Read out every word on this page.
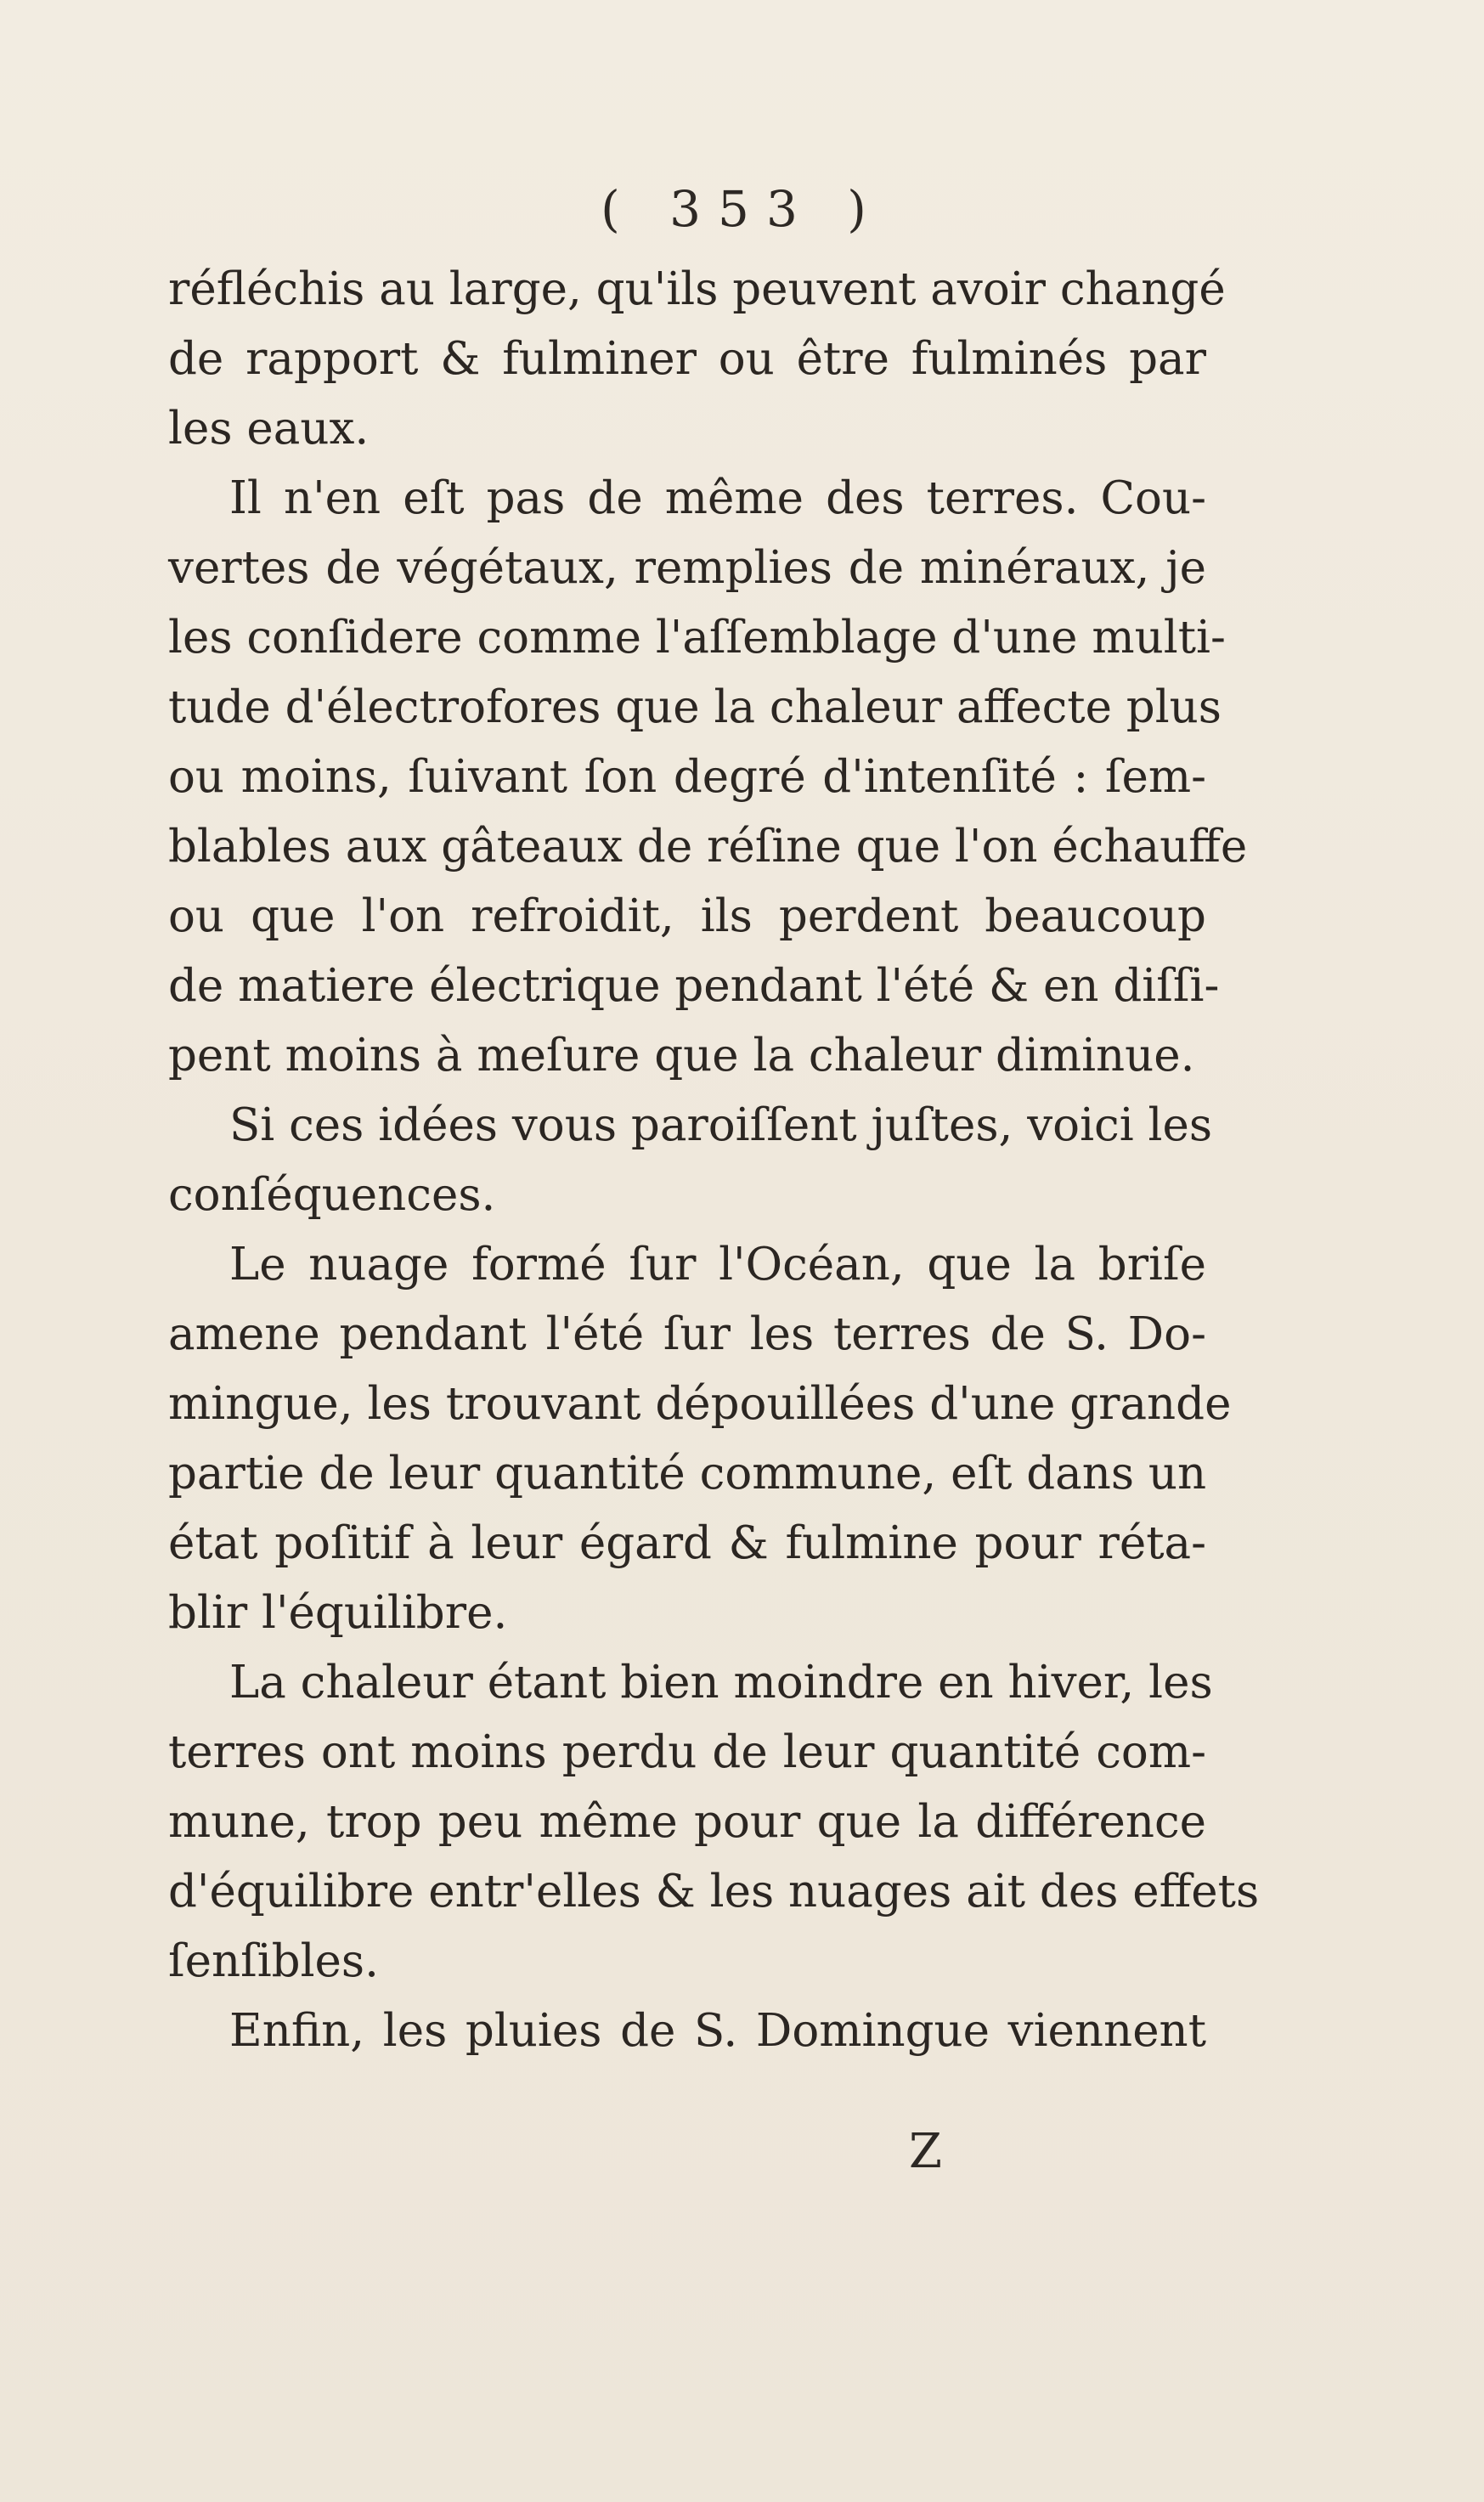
( 353 )
réfléchis au large, qu'ils peuvent avoir changé
de rapport & fulminer ou être fulminés par
les eaux.
Il n'en eſt pas de même des terres. Cou-
vertes de végétaux, remplies de minéraux, je
les conſidere comme l'aſſemblage d'une multi-
tude d'électrofores que la chaleur affecte plus
ou moins, ſuivant ſon degré d'intenſité : ſem-
blables aux gâteaux de réſine que l'on échauffe
ou que l'on refroidit, ils perdent beaucoup
de matiere électrique pendant l'été & en diſſi-
pent moins à meſure que la chaleur diminue.
Si ces idées vous paroiſſent juſtes, voici les
conſéquences.
Le nuage formé ſur l'Océan, que la briſe
amene pendant l'été ſur les terres de S. Do-
mingue, les trouvant dépouillées d'une grande
partie de leur quantité commune, eſt dans un
état poſitif à leur égard & fulmine pour réta-
blir l'équilibre.
La chaleur étant bien moindre en hiver, les
terres ont moins perdu de leur quantité com-
mune, trop peu même pour que la différence
d'équilibre entr'elles & les nuages ait des effets
ſenſibles.
Enfin, les pluies de S. Domingue viennent
Z
